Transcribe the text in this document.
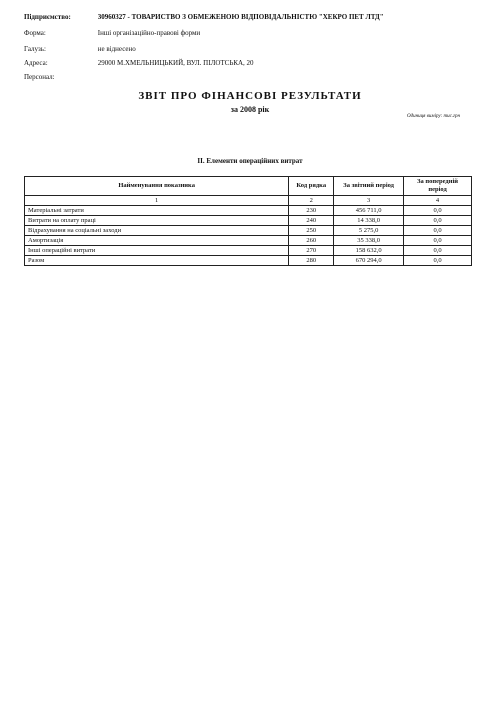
Підприємство:	30960327 - ТОВАРИСТВО З ОБМЕЖЕНОЮ ВІДПОВІДАЛЬНІСТЮ "ХЕКРО ПЕТ ЛТД"
Форма:	Інші організаційно-правові форми
Галузь:	не віднесено
Адреса:	29000 М.ХМЕЛЬНИЦЬКИЙ, ВУЛ. ПІЛОТСЬКА, 20
Персонал:
ЗВІТ ПРО ФІНАНСОВІ РЕЗУЛЬТАТИ
за 2008 рік
Одиниця виміру: тис.грн
ІІ. Елементи операційних витрат
Найменування показника	Код рядка	За звітний період	За попередній період
1	2	3	4
Матеріальні затрати	230	456 711,0	0,0
Витрати на оплату праці	240	14 338,0	0,0
Відрахування на соціальні заходи	250	5 275,0	0,0
Амортизація	260	35 338,0	0,0
Інші операційні витрати	270	158 632,0	0,0
Разом	280	670 294,0	0,0
